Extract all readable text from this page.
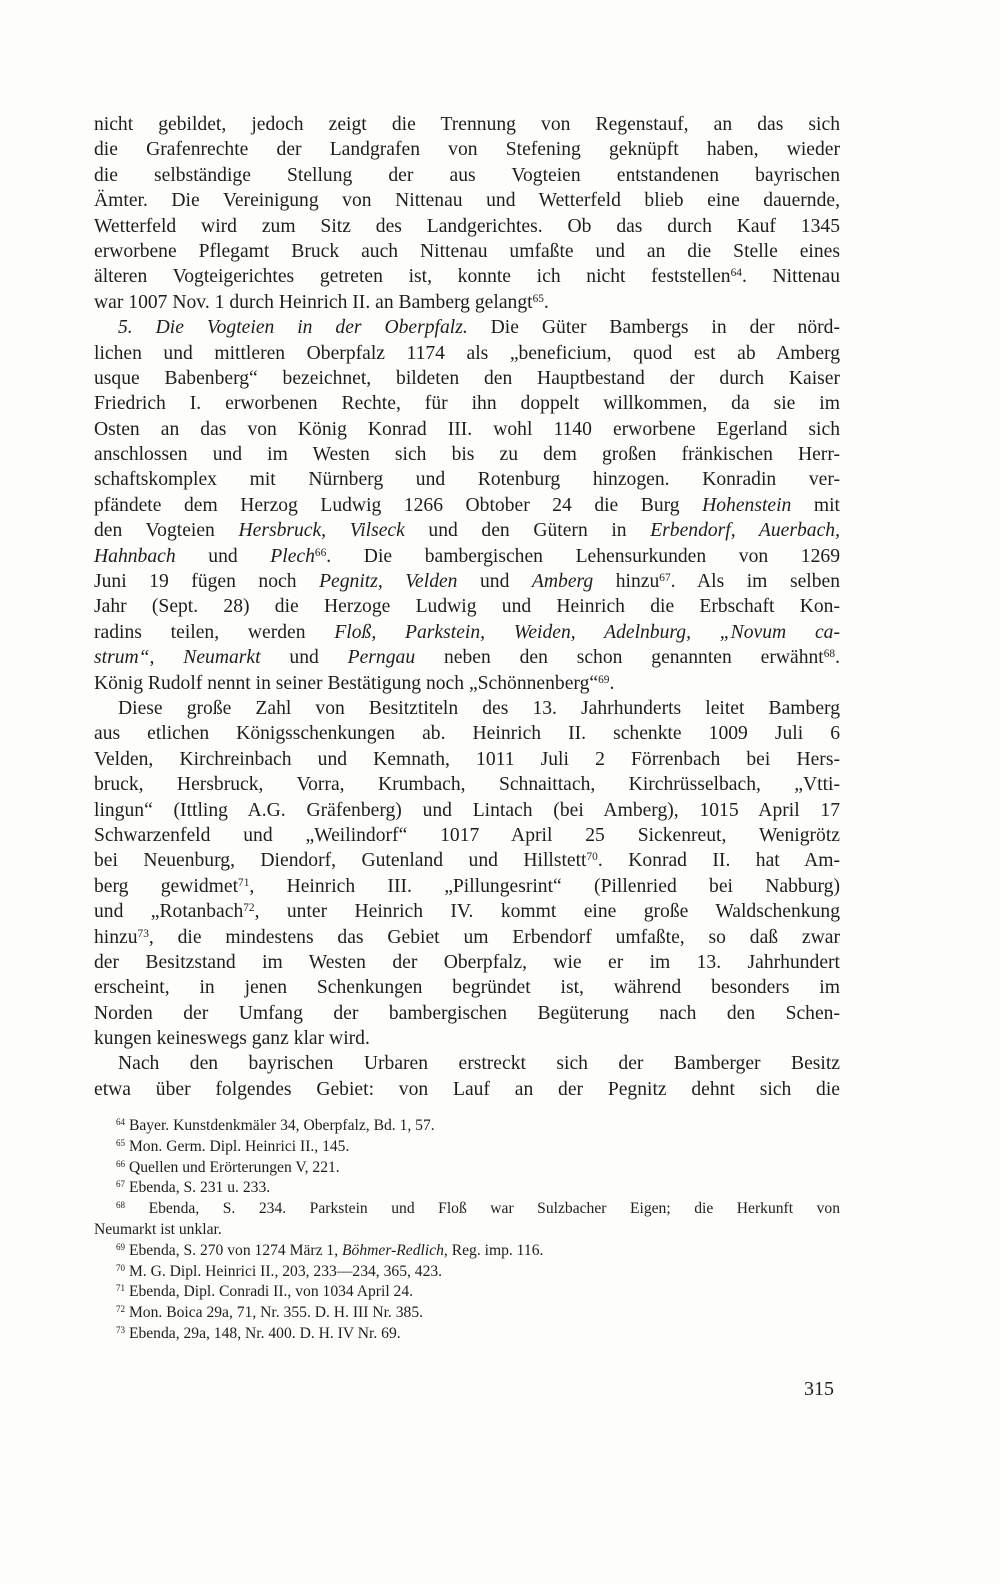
nicht gebildet, jedoch zeigt die Trennung von Regenstauf, an das sich
die Grafenrechte der Landgrafen von Stefening geknüpft haben, wieder
die selbständige Stellung der aus Vogteien entstandenen bayrischen
Ämter. Die Vereinigung von Nittenau und Wetterfeld blieb eine dauernde,
Wetterfeld wird zum Sitz des Landgerichtes. Ob das durch Kauf 1345
erworbene Pflegamt Bruck auch Nittenau umfaßte und an die Stelle eines
älteren Vogteigerichtes getreten ist, konnte ich nicht feststellen$^{64}$. Nittenau
war 1007 Nov. 1 durch Heinrich II. an Bamberg gelangt$^{65}$.
5. Die Vogteien in der Oberpfalz. Die Güter Bambergs in der nörd-
lichen und mittleren Oberpfalz 1174 als „beneficium, quod est ab Amberg
usque Babenberg“ bezeichnet, bildeten den Hauptbestand der durch Kaiser
Friedrich I. erworbenen Rechte, für ihn doppelt willkommen, da sie im
Osten an das von König Konrad III. wohl 1140 erworbene Egerland sich
anschlossen und im Westen sich bis zu dem großen fränkischen Herr-
schaftskomplex mit Nürnberg und Rotenburg hinzogen. Konradin ver-
pfändete dem Herzog Ludwig 1266 Obtober 24 die Burg Hohenstein mit
den Vogteien Hersbruck, Vilseck und den Gütern in Erbendorf, Auerbach,
Hahnbach und Plech$^{66}$. Die bambergischen Lehensurkunden von 1269
Juni 19 fügen noch Pegnitz, Velden und Amberg hinzu$^{67}$. Als im selben
Jahr (Sept. 28) die Herzoge Ludwig und Heinrich die Erbschaft Kon-
radins teilen, werden Floß, Parkstein, Weiden, Adelnburg, „Novum ca-
strum“, Neumarkt und Perngau neben den schon genannten erwähnt$^{68}$.
König Rudolf nennt in seiner Bestätigung noch „Schönnenberg“$^{69}$.
Diese große Zahl von Besitztiteln des 13. Jahrhunderts leitet Bamberg
aus etlichen Königsschenkungen ab. Heinrich II. schenkte 1009 Juli 6
Velden, Kirchreinbach und Kemnath, 1011 Juli 2 Förrenbach bei Hers-
bruck, Hersbruck, Vorra, Krumbach, Schnaittach, Kirchrüsselbach, „Vtti-
lingun“ (Ittling A.G. Gräfenberg) und Lintach (bei Amberg), 1015 April 17
Schwarzenfeld und „Weilindorf“ 1017 April 25 Sickenreut, Wenigrötz
bei Neuenburg, Diendorf, Gutenland und Hillstett$^{70}$. Konrad II. hat Am-
berg gewidmet$^{71}$, Heinrich III. „Pillungesrint“ (Pillenried bei Nabburg)
und „Rotanbach$^{72}$, unter Heinrich IV. kommt eine große Waldschenkung
hinzu$^{73}$, die mindestens das Gebiet um Erbendorf umfaßte, so daß zwar
der Besitzstand im Westen der Oberpfalz, wie er im 13. Jahrhundert
erscheint, in jenen Schenkungen begründet ist, während besonders im
Norden der Umfang der bambergischen Begüterung nach den Schen-
kungen keineswegs ganz klar wird.
Nach den bayrischen Urbaren erstreckt sich der Bamberger Besitz
etwa über folgendes Gebiet: von Lauf an der Pegnitz dehnt sich die
$^{64}$ Bayer. Kunstdenkmäler 34, Oberpfalz, Bd. 1, 57.
$^{65}$ Mon. Germ. Dipl. Heinrici II., 145.
$^{66}$ Quellen und Erörterungen V, 221.
$^{67}$ Ebenda, S. 231 u. 233.
$^{68}$ Ebenda, S. 234. Parkstein und Floß war Sulzbacher Eigen; die Herkunft von
Neumarkt ist unklar.
$^{69}$ Ebenda, S. 270 von 1274 März 1, Böhmer-Redlich, Reg. imp. 116.
$^{70}$ M. G. Dipl. Heinrici II., 203, 233—234, 365, 423.
$^{71}$ Ebenda, Dipl. Conradi II., von 1034 April 24.
$^{72}$ Mon. Boica 29a, 71, Nr. 355. D. H. III Nr. 385.
$^{73}$ Ebenda, 29a, 148, Nr. 400. D. H. IV Nr. 69.
315
